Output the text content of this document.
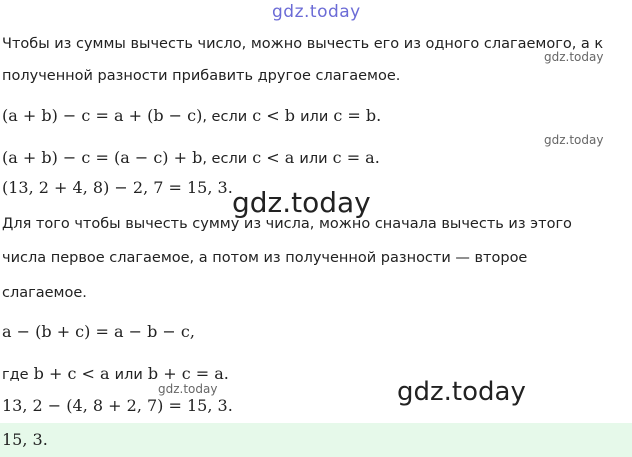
gdz.today
Чтобы из суммы вычесть число, можно вычесть его из одного слагаемого, а к
gdz.today
полученной разности прибавить другое слагаемое.
(a + b) − c = a + (b − c), если c < b или c = b.
gdz.today
(a + b) − c = (a − c) + b, если c < a или c = a.
(13, 2 + 4, 8) − 2, 7 = 15, 3. gdz.today
Для того чтобы вычесть сумму из числа, можно сначала вычесть из этого
числа первое слагаемое, а потом из полученной разности — второе
слагаемое.
a − (b + c) = a − b − c,
где b + c < a или b + c = a.
gdz.today	gdz.today
13, 2 − (4, 8 + 2, 7) = 15, 3.
15, 3.
